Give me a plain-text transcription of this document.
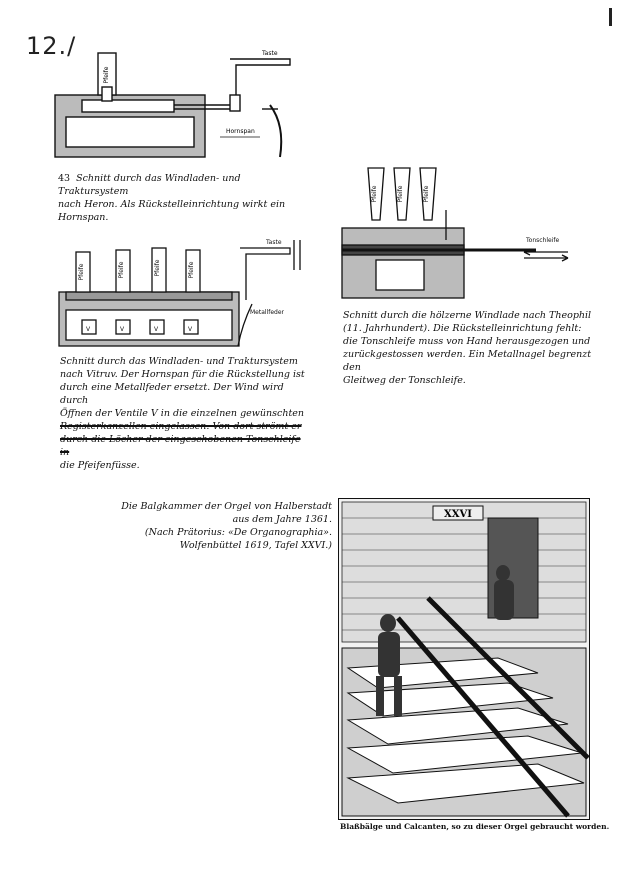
12./
Pfeife
Taste
Hornspan

43 Schnitt durch das Windladen- und Traktursystem

nach Heron. Als Rückstelleinrichtung wirkt ein

Hornspan.

Pfeife	Pfeife	Pfeife	Pfeife
Taste
Metallfeder
V	V	V	V

Schnitt durch das Windladen- und Traktursystem

nach Vitruv. Der Hornspan für die Rückstellung ist

durch eine Metallfeder ersetzt. Der Wind wird durch

Öffnen der Ventile V in die einzelnen gewünschten

Registerkanzellen eingelassen. Von dort strömt er

durch die Löcher der eingeschobenen Tonschleife in

die Pfeifenfüsse.

Pfeife	Pfeife	Pfeife
Tonschleife

Schnitt durch die hölzerne Windlade nach Theophil

(11. Jahrhundert). Die Rückstelleinrichtung fehlt:

die Tonschleife muss von Hand herausgezogen und

zurückgestossen werden. Ein Metallnagel begrenzt den

Gleitweg der Tonschleife.

Die Balgkammer der Orgel von Halberstadt

aus dem Jahre 1361.

(Nach Prätorius: «De Organographia».

Wolfenbüttel 1619, Tafel XXVI.)

XXVI
Blaßbälge und Calcanten, so zu dieser Orgel gebraucht worden.
